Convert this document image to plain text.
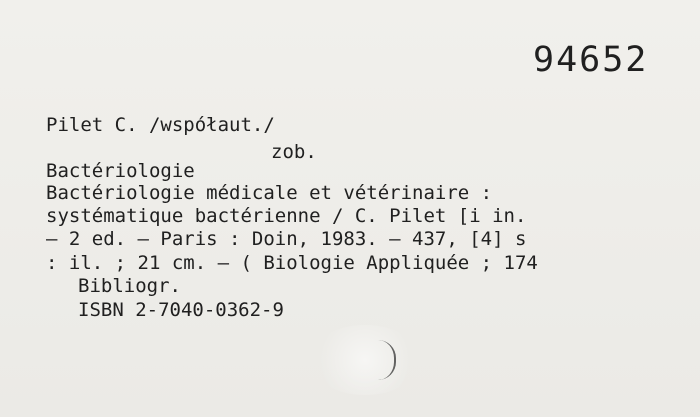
94652
Pilet C. /współaut./
zob.
Bactériologie
Bactériologie médicale et vétérinaire :
systématique bactérienne / C. Pilet [i in.
– 2 ed. – Paris : Doin, 1983. – 437, [4] s
: il. ; 21 cm. – ( Biologie Appliquée ; 174
Bibliogr.
ISBN 2-7040-0362-9
